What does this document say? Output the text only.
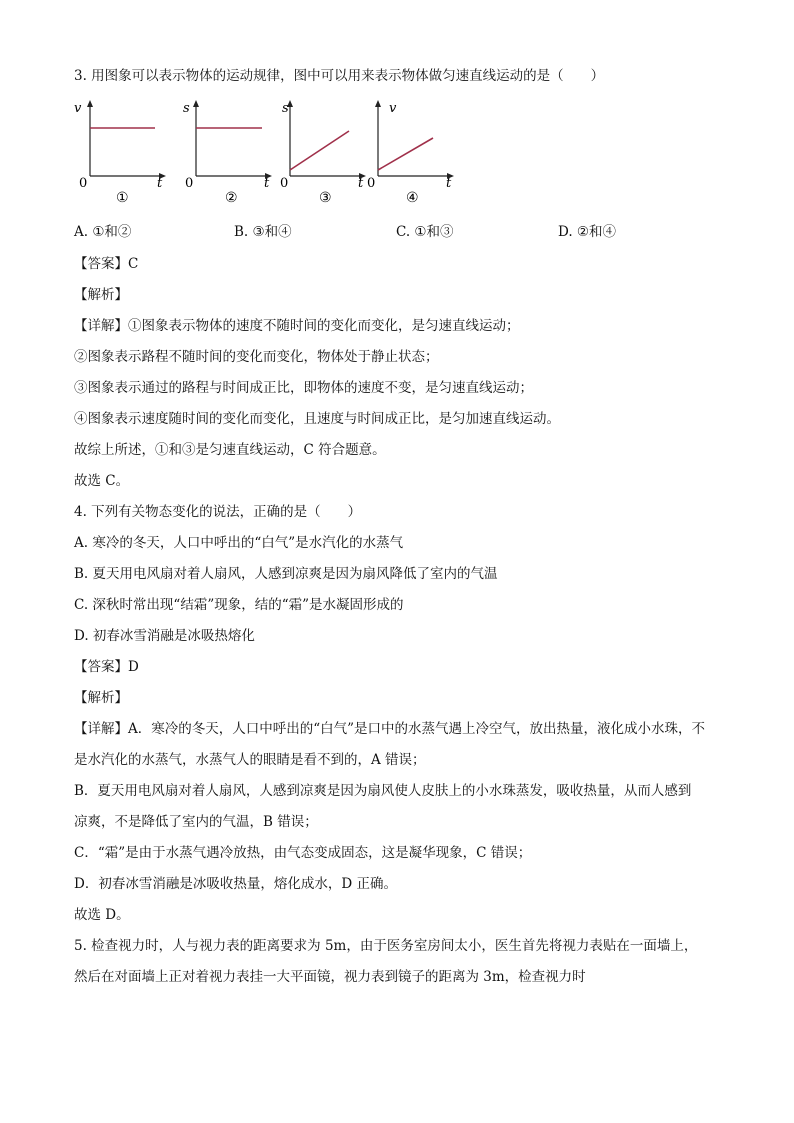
3. 用图象可以表示物体的运动规律，图中可以用来表示物体做匀速直线运动的是（　　）
v
0	t
①
s
0	t
②
s
0	t
③
v
0	t
④
A. ①和②	B. ③和④	C. ①和③	D. ②和④
【答案】C
【解析】
【详解】①图象表示物体的速度不随时间的变化而变化，是匀速直线运动；
②图象表示路程不随时间的变化而变化，物体处于静止状态；
③图象表示通过的路程与时间成正比，即物体的速度不变，是匀速直线运动；
④图象表示速度随时间的变化而变化，且速度与时间成正比，是匀加速直线运动。
故综上所述，①和③是匀速直线运动，C 符合题意。
故选 C。
4. 下列有关物态变化的说法，正确的是（　　）
A. 寒冷的冬天，人口中呼出的“白气”是水汽化的水蒸气
B. 夏天用电风扇对着人扇风，人感到凉爽是因为扇风降低了室内的气温
C. 深秋时常出现“结霜”现象，结的“霜”是水凝固形成的
D. 初春冰雪消融是冰吸热熔化
【答案】D
【解析】
【详解】A．寒冷的冬天，人口中呼出的“白气”是口中的水蒸气遇上冷空气，放出热量，液化成小水珠，不
是水汽化的水蒸气，水蒸气人的眼睛是看不到的，A 错误；
B．夏天用电风扇对着人扇风，人感到凉爽是因为扇风使人皮肤上的小水珠蒸发，吸收热量，从而人感到
凉爽，不是降低了室内的气温，B 错误；
C．“霜”是由于水蒸气遇冷放热，由气态变成固态，这是凝华现象，C 错误；
D．初春冰雪消融是冰吸收热量，熔化成水，D 正确。
故选 D。
5. 检查视力时，人与视力表的距离要求为 5m，由于医务室房间太小，医生首先将视力表贴在一面墙上，
然后在对面墙上正对着视力表挂一大平面镜，视力表到镜子的距离为 3m，检查视力时
